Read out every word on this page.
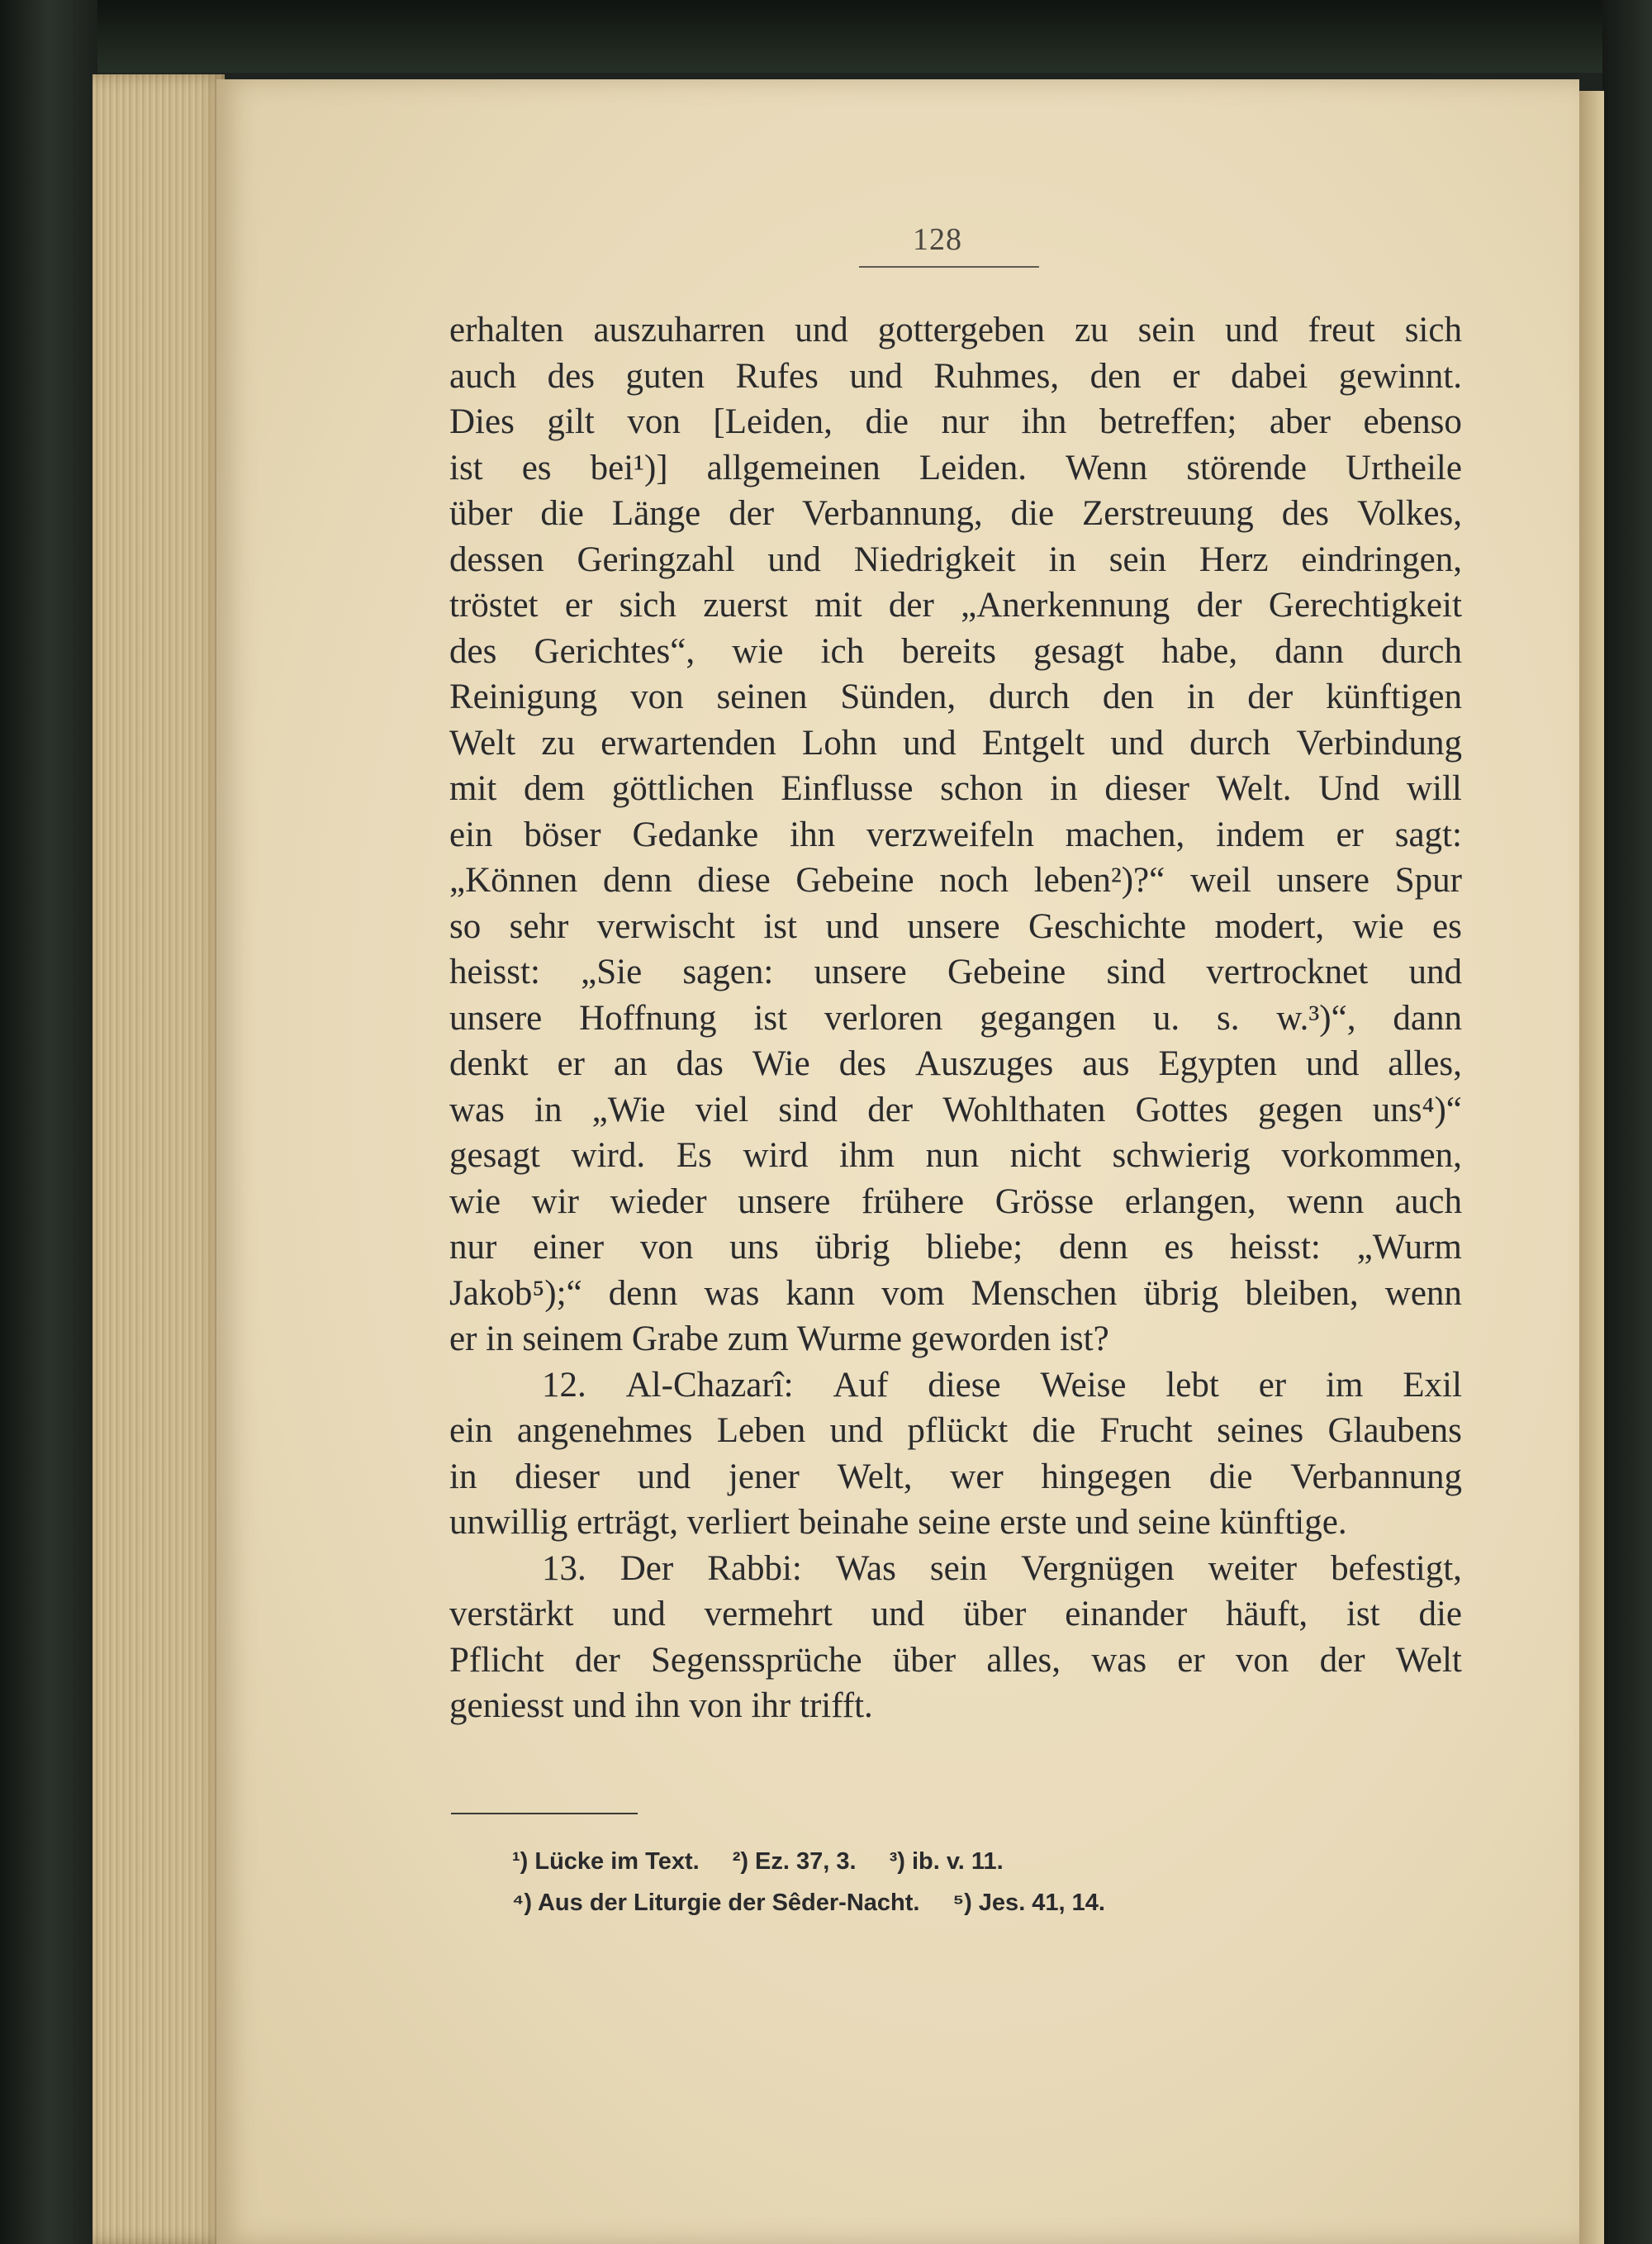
128
erhalten auszuharren und gottergeben zu sein und freut sich
auch des guten Rufes und Ruhmes, den er dabei gewinnt.
Dies gilt von [Leiden, die nur ihn betreffen; aber ebenso
ist es bei¹)] allgemeinen Leiden. Wenn störende Urtheile
über die Länge der Verbannung, die Zerstreuung des Volkes,
dessen Geringzahl und Niedrigkeit in sein Herz eindringen,
tröstet er sich zuerst mit der „Anerkennung der Gerechtigkeit
des Gerichtes“, wie ich bereits gesagt habe, dann durch
Reinigung von seinen Sünden, durch den in der künftigen
Welt zu erwartenden Lohn und Entgelt und durch Verbindung
mit dem göttlichen Einflusse schon in dieser Welt. Und will
ein böser Gedanke ihn verzweifeln machen, indem er sagt:
„Können denn diese Gebeine noch leben²)?“ weil unsere Spur
so sehr verwischt ist und unsere Geschichte modert, wie es
heisst: „Sie sagen: unsere Gebeine sind vertrocknet und
unsere Hoffnung ist verloren gegangen u. s. w.³)“, dann
denkt er an das Wie des Auszuges aus Egypten und alles,
was in „Wie viel sind der Wohlthaten Gottes gegen uns⁴)“
gesagt wird. Es wird ihm nun nicht schwierig vorkommen,
wie wir wieder unsere frühere Grösse erlangen, wenn auch
nur einer von uns übrig bliebe; denn es heisst: „Wurm
Jakob⁵);“ denn was kann vom Menschen übrig bleiben, wenn
er in seinem Grabe zum Wurme geworden ist?
12. Al-Chazarî: Auf diese Weise lebt er im Exil
ein angenehmes Leben und pflückt die Frucht seines Glaubens
in dieser und jener Welt, wer hingegen die Verbannung
unwillig erträgt, verliert beinahe seine erste und seine künftige.
13. Der Rabbi: Was sein Vergnügen weiter befestigt,
verstärkt und vermehrt und über einander häuft, ist die
Pflicht der Segenssprüche über alles, was er von der Welt
geniesst und ihn von ihr trifft.
¹) Lücke im Text. ²) Ez. 37, 3. ³) ib. v. 11.
⁴) Aus der Liturgie der Sêder-Nacht. ⁵) Jes. 41, 14.
